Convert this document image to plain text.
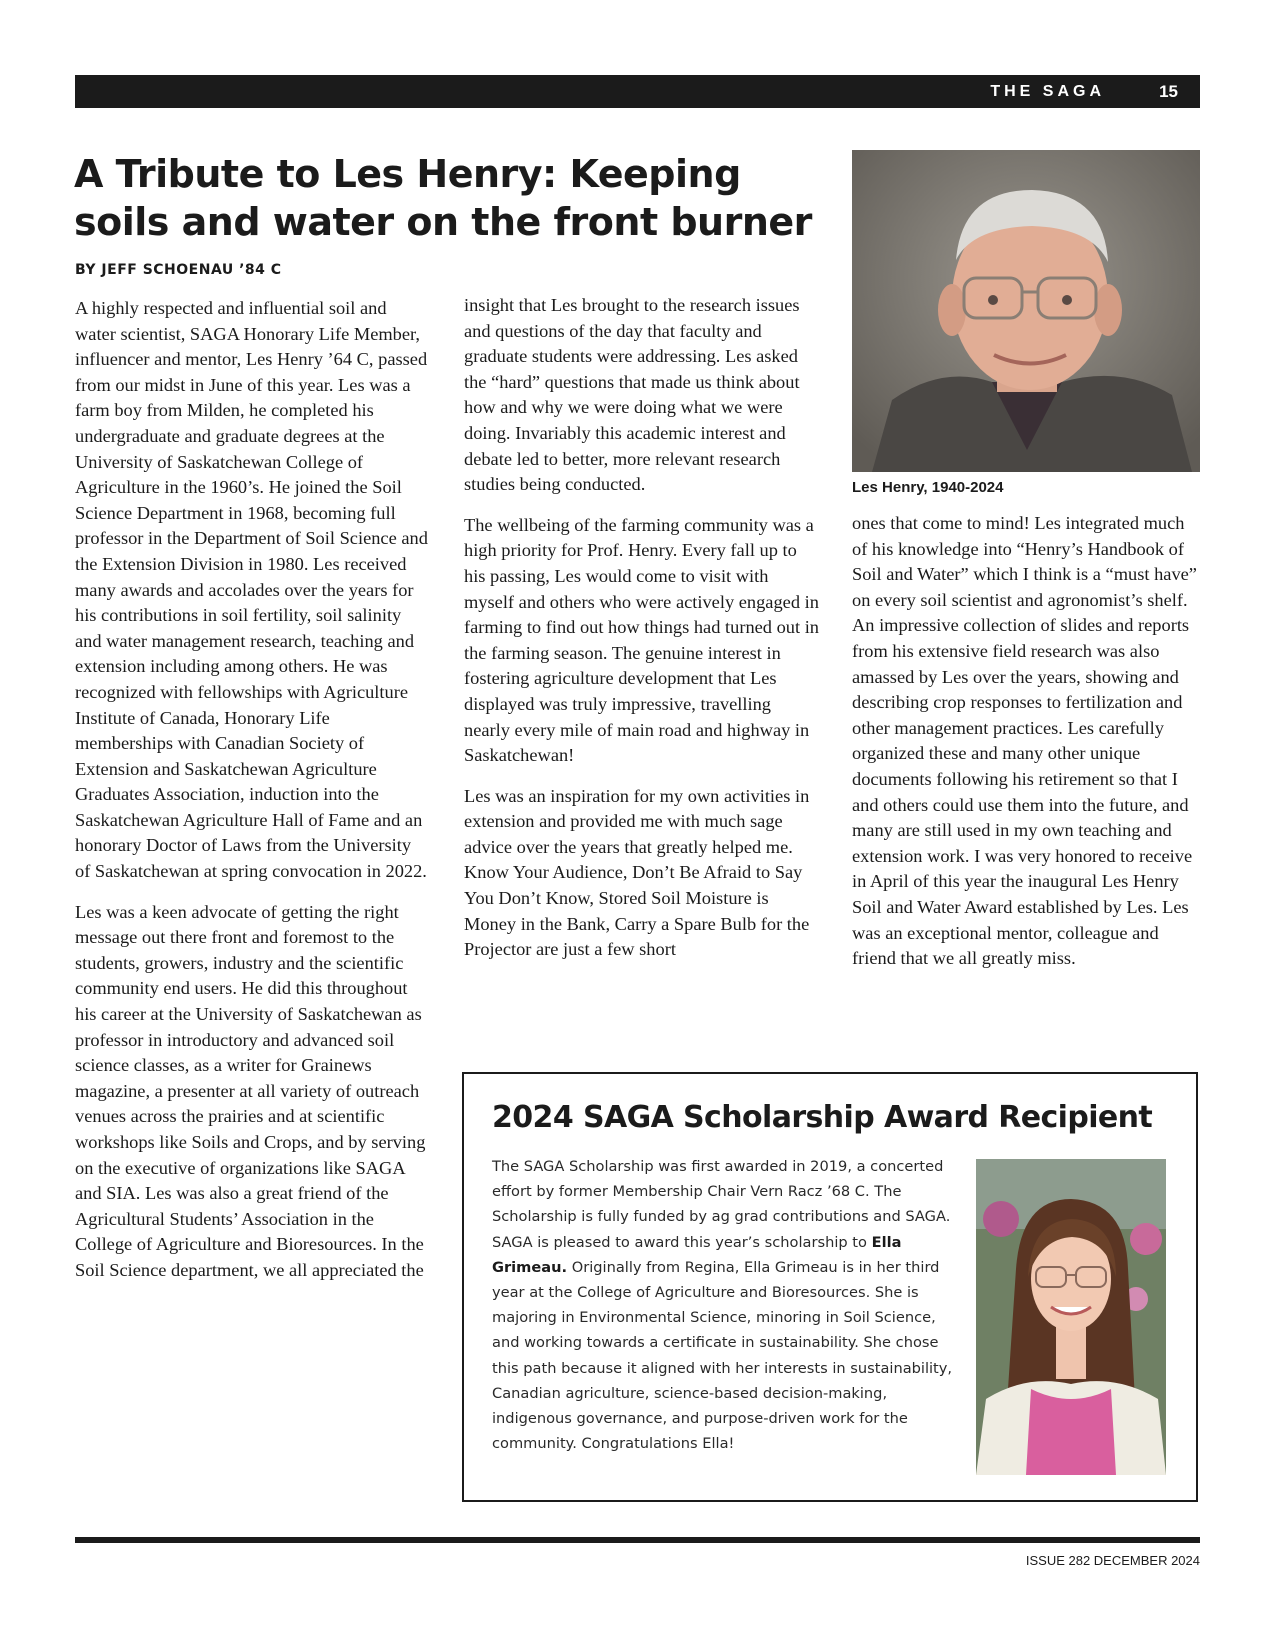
THE SAGA	15
A Tribute to Les Henry: Keeping soils and water on the front burner
BY JEFF SCHOENAU ’84 C

A highly respected and influential soil and water scientist, SAGA Honorary Life Member, influencer and mentor, Les Henry ’64 C, passed from our midst in June of this year. Les was a farm boy from Milden, he completed his undergraduate and graduate degrees at the University of Saskatchewan College of Agriculture in the 1960’s. He joined the Soil Science Department in 1968, becoming full professor in the Department of Soil Science and the Extension Division in 1980. Les received many awards and accolades over the years for his contributions in soil fertility, soil salinity and water management research, teaching and extension including among others. He was recognized with fellowships with Agriculture Institute of Canada, Honorary Life memberships with Canadian Society of Extension and Saskatchewan Agriculture Graduates Association, induction into the Saskatchewan Agriculture Hall of Fame and an honorary Doctor of Laws from the University of Saskatchewan at spring convocation in 2022.

Les was a keen advocate of getting the right message out there front and foremost to the students, growers, industry and the scientific community end users. He did this throughout his career at the University of Saskatchewan as professor in introductory and advanced soil science classes, as a writer for Grainews magazine, a presenter at all variety of outreach venues across the prairies and at scientific workshops like Soils and Crops, and by serving on the executive of organizations like SAGA and SIA. Les was also a great friend of the Agricultural Students’ Association in the College of Agriculture and Bioresources. In the Soil Science department, we all appreciated the

insight that Les brought to the research issues and questions of the day that faculty and graduate students were addressing. Les asked the “hard” questions that made us think about how and why we were doing what we were doing. Invariably this academic interest and debate led to better, more relevant research studies being conducted.

The wellbeing of the farming community was a high priority for Prof. Henry. Every fall up to his passing, Les would come to visit with myself and others who were actively engaged in farming to find out how things had turned out in the farming season. The genuine interest in fostering agriculture development that Les displayed was truly impressive, travelling nearly every mile of main road and highway in Saskatchewan!

Les was an inspiration for my own activities in extension and provided me with much sage advice over the years that greatly helped me. Know Your Audience, Don’t Be Afraid to Say You Don’t Know, Stored Soil Moisture is Money in the Bank, Carry a Spare Bulb for the Projector are just a few short

Les Henry, 1940-2024

ones that come to mind! Les integrated much of his knowledge into “Henry’s Handbook of Soil and Water” which I think is a “must have” on every soil scientist and agronomist’s shelf. An impressive collection of slides and reports from his extensive field research was also amassed by Les over the years, showing and describing crop responses to fertilization and other management practices. Les carefully organized these and many other unique documents following his retirement so that I and others could use them into the future, and many are still used in my own teaching and extension work. I was very honored to receive in April of this year the inaugural Les Henry Soil and Water Award established by Les. Les was an exceptional mentor, colleague and friend that we all greatly miss.

2024 SAGA Scholarship Award Recipient
The SAGA Scholarship was first awarded in 2019, a concerted effort by former Membership Chair Vern Racz ’68 C. The Scholarship is fully funded by ag grad contributions and SAGA. SAGA is pleased to award this year’s scholarship to Ella Grimeau. Originally from Regina, Ella Grimeau is in her third year at the College of Agriculture and Bioresources. She is majoring in Environmental Science, minoring in Soil Science, and working towards a certificate in sustainability. She chose this path because it aligned with her interests in sustainability, Canadian agriculture, science-based decision-making, indigenous governance, and purpose-driven work for the community. Congratulations Ella!
ISSUE 282 DECEMBER 2024
